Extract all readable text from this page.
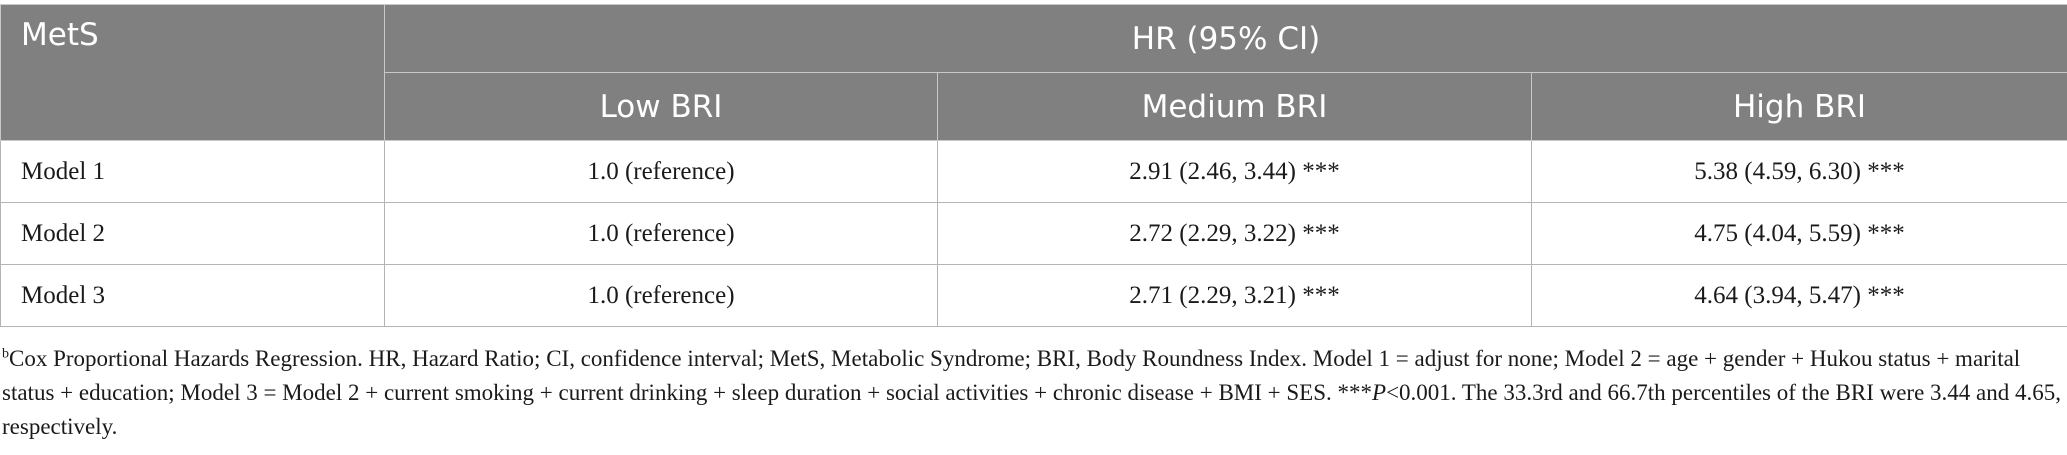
MetS	HR (95% CI)		
	Low BRI	Medium BRI	High BRI
Model 1	1.0 (reference)	2.91 (2.46, 3.44) ***	5.38 (4.59, 6.30) ***
Model 2	1.0 (reference)	2.72 (2.29, 3.22) ***	4.75 (4.04, 5.59) ***
Model 3	1.0 (reference)	2.71 (2.29, 3.21) ***	4.64 (3.94, 5.47) ***

$^b$Cox Proportional Hazards Regression. HR, Hazard Ratio; CI, confidence interval; MetS, Metabolic Syndrome; BRI, Body Roundness Index. Model 1 = adjust for none; Model 2 = age + gender + Hukou status + marital status + education; Model 3 = Model 2 + current smoking + current drinking + sleep duration + social activities + chronic disease + BMI + SES. ***P<0.001. The 33.3rd and 66.7th percentiles of the BRI were 3.44 and 4.65, respectively.
